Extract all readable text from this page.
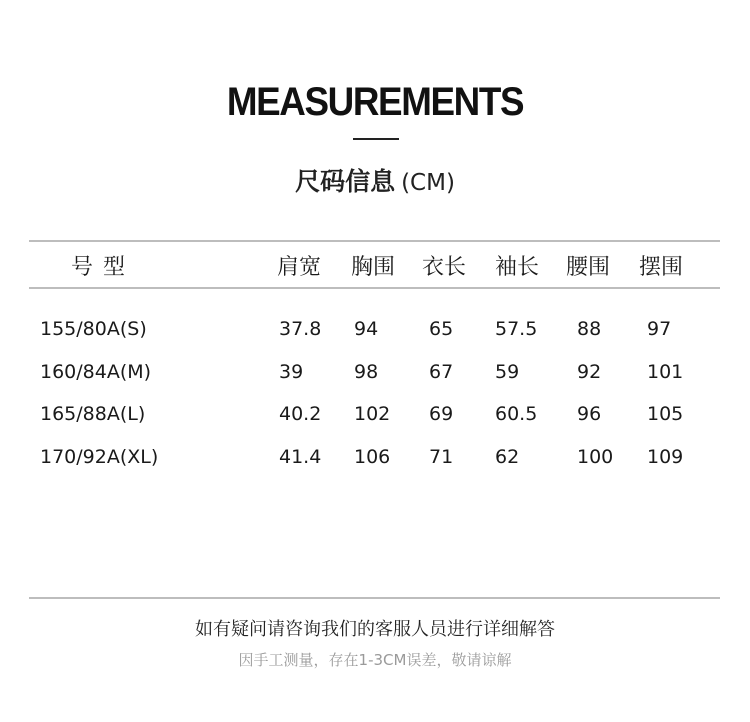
MEASUREMENTS
尺码信息 (CM)
号型	肩宽 胸围 衣长 袖长 腰围 摆围
155/80A(S)	37.8 94	65 57.5 88 97
160/84A(M)	39	98	67 59	92 101
165/88A(L)	40.2 102 69 60.5 96 105
170/92A(XL)	41.4 106 71 62	100 109
如有疑问请咨询我们的客服人员进行详细解答
因手工测量，存在1-3CM误差，敬请谅解
